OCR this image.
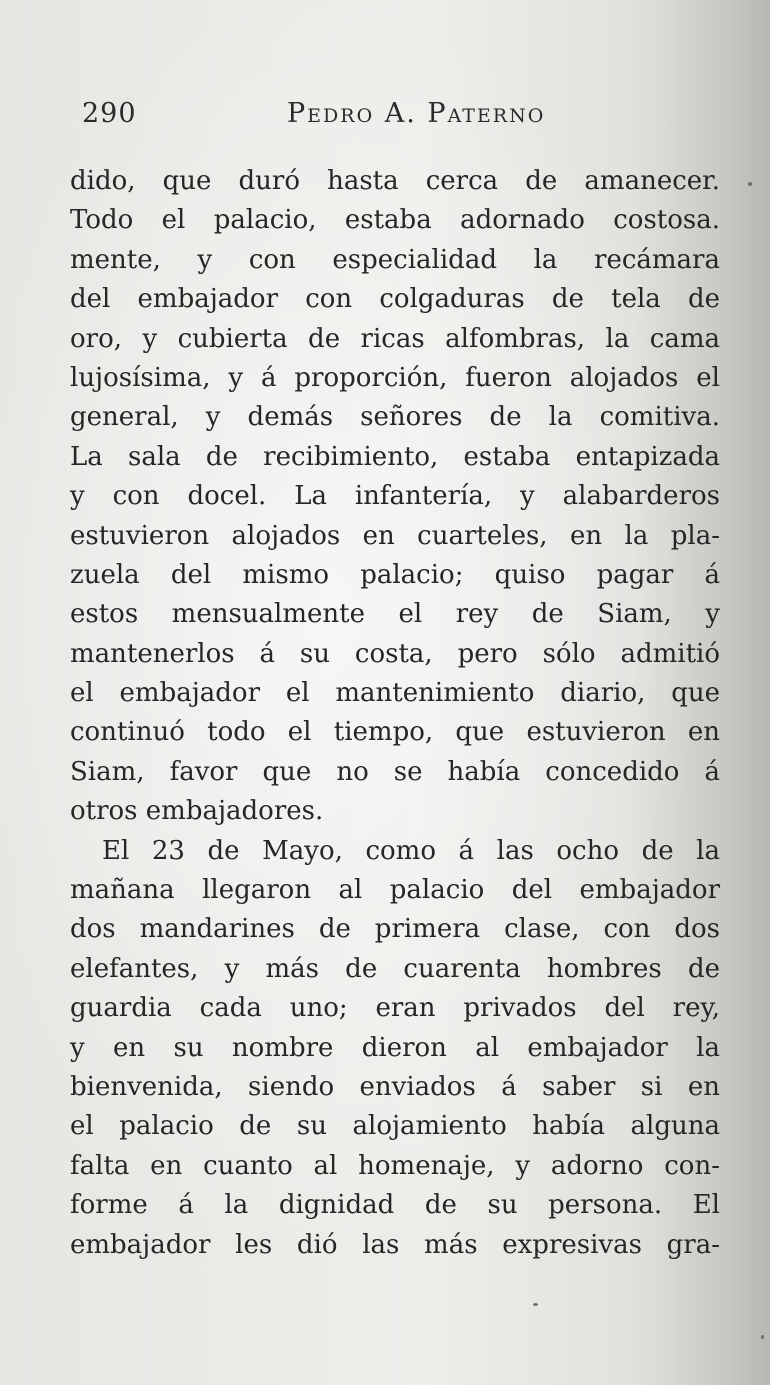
290	Pedro A. Paterno
dido, que duró hasta cerca de amanecer.
Todo el palacio, estaba adornado costosa.
mente, y con especialidad la recámara
del embajador con colgaduras de tela de
oro, y cubierta de ricas alfombras, la cama
lujosísima, y á proporción, fueron alojados el
general, y demás señores de la comitiva.
La sala de recibimiento, estaba entapizada
y con docel. La infantería, y alabarderos
estuvieron alojados en cuarteles, en la pla-
zuela del mismo palacio; quiso pagar á
estos mensualmente el rey de Siam, y
mantenerlos á su costa, pero sólo admitió
el embajador el mantenimiento diario, que
continuó todo el tiempo, que estuvieron en
Siam, favor que no se había concedido á
otros embajadores.
El 23 de Mayo, como á las ocho de la
mañana llegaron al palacio del embajador
dos mandarines de primera clase, con dos
elefantes, y más de cuarenta hombres de
guardia cada uno; eran privados del rey,
y en su nombre dieron al embajador la
bienvenida, siendo enviados á saber si en
el palacio de su alojamiento había alguna
falta en cuanto al homenaje, y adorno con-
forme á la dignidad de su persona. El
embajador les dió las más expresivas gra-
